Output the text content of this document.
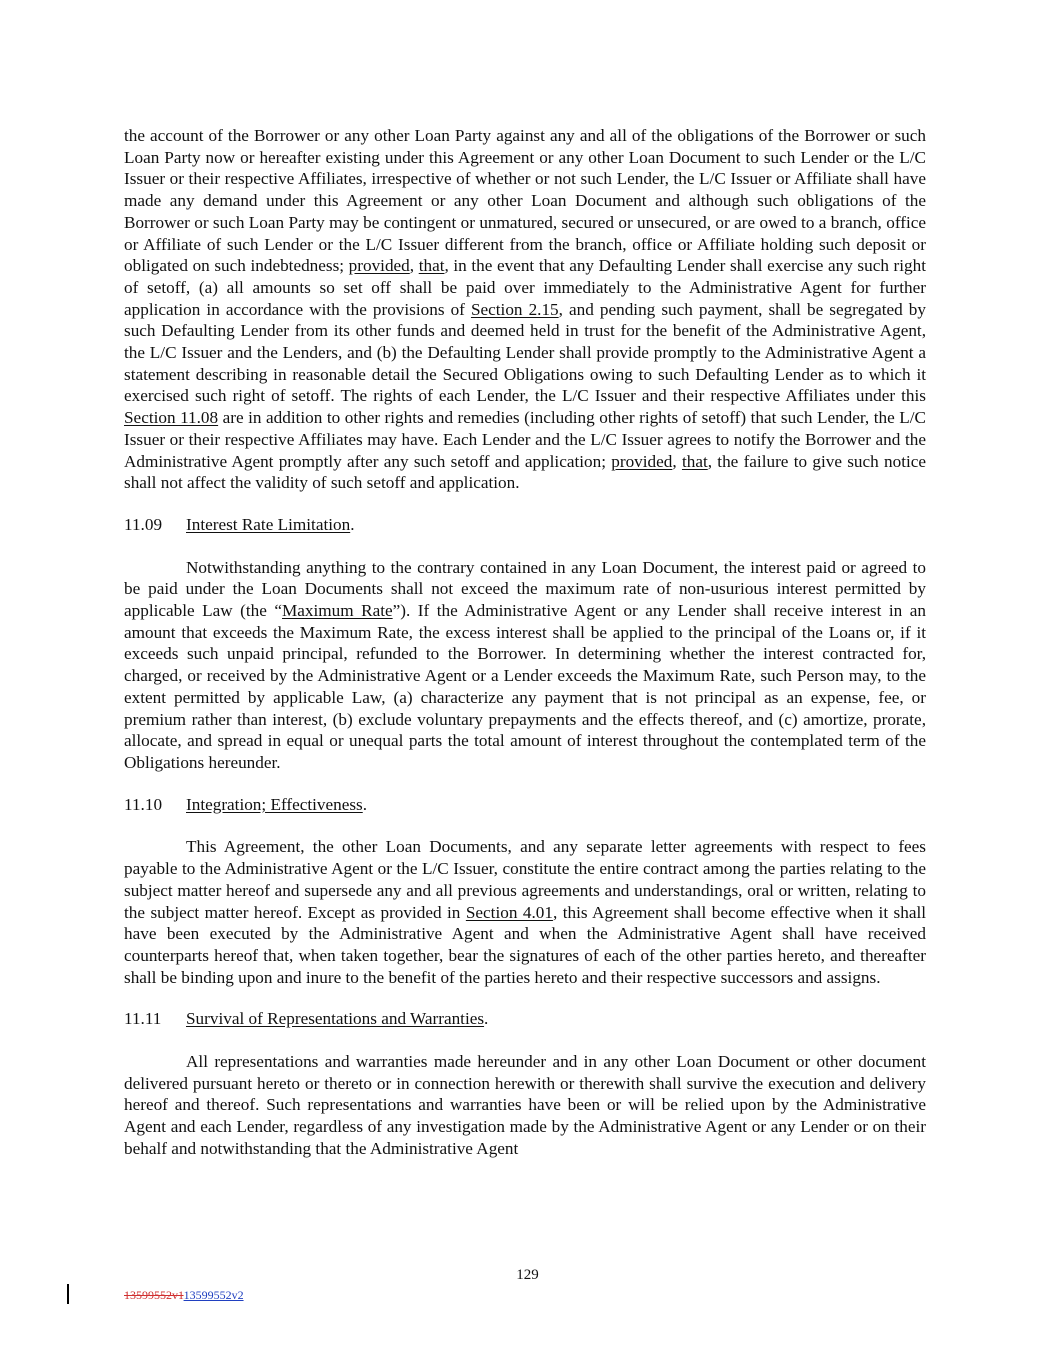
the account of the Borrower or any other Loan Party against any and all of the obligations of the Borrower or such Loan Party now or hereafter existing under this Agreement or any other Loan Document to such Lender or the L/C Issuer or their respective Affiliates, irrespective of whether or not such Lender, the L/C Issuer or Affiliate shall have made any demand under this Agreement or any other Loan Document and although such obligations of the Borrower or such Loan Party may be contingent or unmatured, secured or unsecured, or are owed to a branch, office or Affiliate of such Lender or the L/C Issuer different from the branch, office or Affiliate holding such deposit or obligated on such indebtedness; provided, that, in the event that any Defaulting Lender shall exercise any such right of setoff, (a) all amounts so set off shall be paid over immediately to the Administrative Agent for further application in accordance with the provisions of Section 2.15, and pending such payment, shall be segregated by such Defaulting Lender from its other funds and deemed held in trust for the benefit of the Administrative Agent, the L/C Issuer and the Lenders, and (b) the Defaulting Lender shall provide promptly to the Administrative Agent a statement describing in reasonable detail the Secured Obligations owing to such Defaulting Lender as to which it exercised such right of setoff. The rights of each Lender, the L/C Issuer and their respective Affiliates under this Section 11.08 are in addition to other rights and remedies (including other rights of setoff) that such Lender, the L/C Issuer or their respective Affiliates may have. Each Lender and the L/C Issuer agrees to notify the Borrower and the Administrative Agent promptly after any such setoff and application; provided, that, the failure to give such notice shall not affect the validity of such setoff and application.

11.09	Interest Rate Limitation.

Notwithstanding anything to the contrary contained in any Loan Document, the interest paid or agreed to be paid under the Loan Documents shall not exceed the maximum rate of non-usurious interest permitted by applicable Law (the “Maximum Rate”). If the Administrative Agent or any Lender shall receive interest in an amount that exceeds the Maximum Rate, the excess interest shall be applied to the principal of the Loans or, if it exceeds such unpaid principal, refunded to the Borrower. In determining whether the interest contracted for, charged, or received by the Administrative Agent or a Lender exceeds the Maximum Rate, such Person may, to the extent permitted by applicable Law, (a) characterize any payment that is not principal as an expense, fee, or premium rather than interest, (b) exclude voluntary prepayments and the effects thereof, and (c) amortize, prorate, allocate, and spread in equal or unequal parts the total amount of interest throughout the contemplated term of the Obligations hereunder.

11.10	Integration; Effectiveness.

This Agreement, the other Loan Documents, and any separate letter agreements with respect to fees payable to the Administrative Agent or the L/C Issuer, constitute the entire contract among the parties relating to the subject matter hereof and supersede any and all previous agreements and understandings, oral or written, relating to the subject matter hereof. Except as provided in Section 4.01, this Agreement shall become effective when it shall have been executed by the Administrative Agent and when the Administrative Agent shall have received counterparts hereof that, when taken together, bear the signatures of each of the other parties hereto, and thereafter shall be binding upon and inure to the benefit of the parties hereto and their respective successors and assigns.

11.11	Survival of Representations and Warranties.

All representations and warranties made hereunder and in any other Loan Document or other document delivered pursuant hereto or thereto or in connection herewith or therewith shall survive the execution and delivery hereof and thereof. Such representations and warranties have been or will be relied upon by the Administrative Agent and each Lender, regardless of any investigation made by the Administrative Agent or any Lender or on their behalf and notwithstanding that the Administrative Agent

129
13599552v113599552v2
